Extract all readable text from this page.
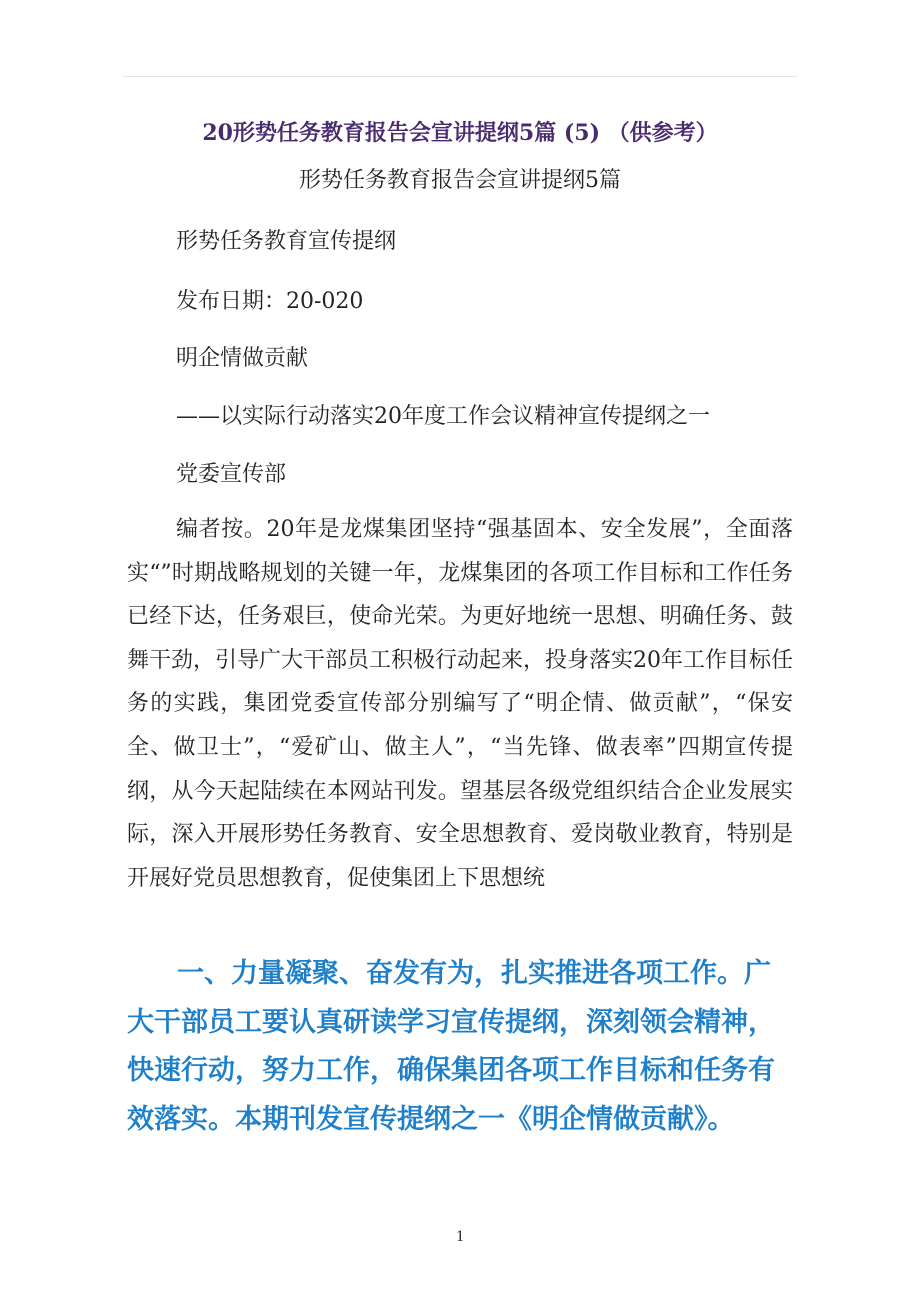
20形势任务教育报告会宣讲提纲5篇 (5) （供参考）
形势任务教育报告会宣讲提纲5篇
形势任务教育宣传提纲
发布日期：20-020
明企情做贡献
——以实际行动落实20年度工作会议精神宣传提纲之一
党委宣传部
编者按。20年是龙煤集团坚持“强基固本、安全发展”，全面落实“”时期战略规划的关键一年，龙煤集团的各项工作目标和工作任务已经下达，任务艰巨，使命光荣。为更好地统一思想、明确任务、鼓舞干劲，引导广大干部员工积极行动起来，投身落实20年工作目标任务的实践，集团党委宣传部分别编写了“明企情、做贡献”，“保安全、做卫士”，“爱矿山、做主人”，“当先锋、做表率”四期宣传提纲，从今天起陆续在本网站刊发。望基层各级党组织结合企业发展实际，深入开展形势任务教育、安全思想教育、爱岗敬业教育，特别是开展好党员思想教育，促使集团上下思想统
一、力量凝聚、奋发有为，扎实推进各项工作。广大干部员工要认真研读学习宣传提纲，深刻领会精神，快速行动，努力工作，确保集团各项工作目标和任务有效落实。本期刊发宣传提纲之一《明企情做贡献》。
1
